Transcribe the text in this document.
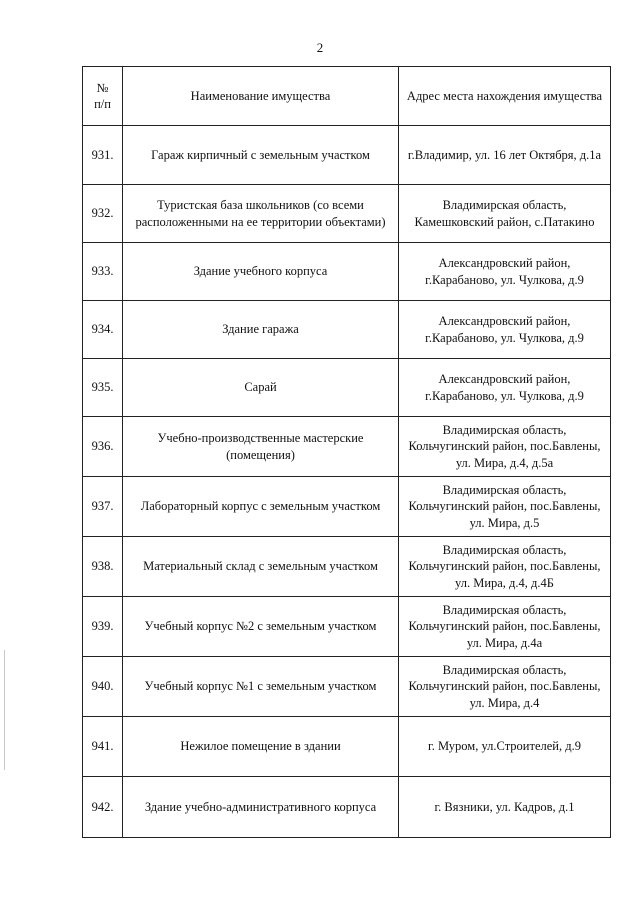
2
№
п/п	Наименование имущества	Адрес места нахождения имущества
931.	Гараж кирпичный с земельным участком	г.Владимир, ул. 16 лет Октября, д.1а
932.	Туристская база школьников (со всеми
расположенными на ее территории объектами)	Владимирская область,
Камешковский район, с.Патакино
933.	Здание учебного корпуса	Александровский район,
г.Карабаново, ул. Чулкова, д.9
934.	Здание гаража	Александровский район,
г.Карабаново, ул. Чулкова, д.9
935.	Сарай	Александровский район,
г.Карабаново, ул. Чулкова, д.9
936.	Учебно-производственные мастерские
(помещения)	Владимирская область,
Кольчугинский район, пос.Бавлены,
ул. Мира, д.4, д.5а
937.	Лабораторный корпус с земельным участком	Владимирская область,
Кольчугинский район, пос.Бавлены,
ул. Мира, д.5
938.	Материальный склад с земельным участком	Владимирская область,
Кольчугинский район, пос.Бавлены,
ул. Мира, д.4, д.4Б
939.	Учебный корпус №2 с земельным участком	Владимирская область,
Кольчугинский район, пос.Бавлены,
ул. Мира, д.4а
940.	Учебный корпус №1 с земельным участком	Владимирская область,
Кольчугинский район, пос.Бавлены,
ул. Мира, д.4
941.	Нежилое помещение в здании	г. Муром, ул.Строителей, д.9
942.	Здание учебно-административного корпуса	г. Вязники, ул. Кадров, д.1
